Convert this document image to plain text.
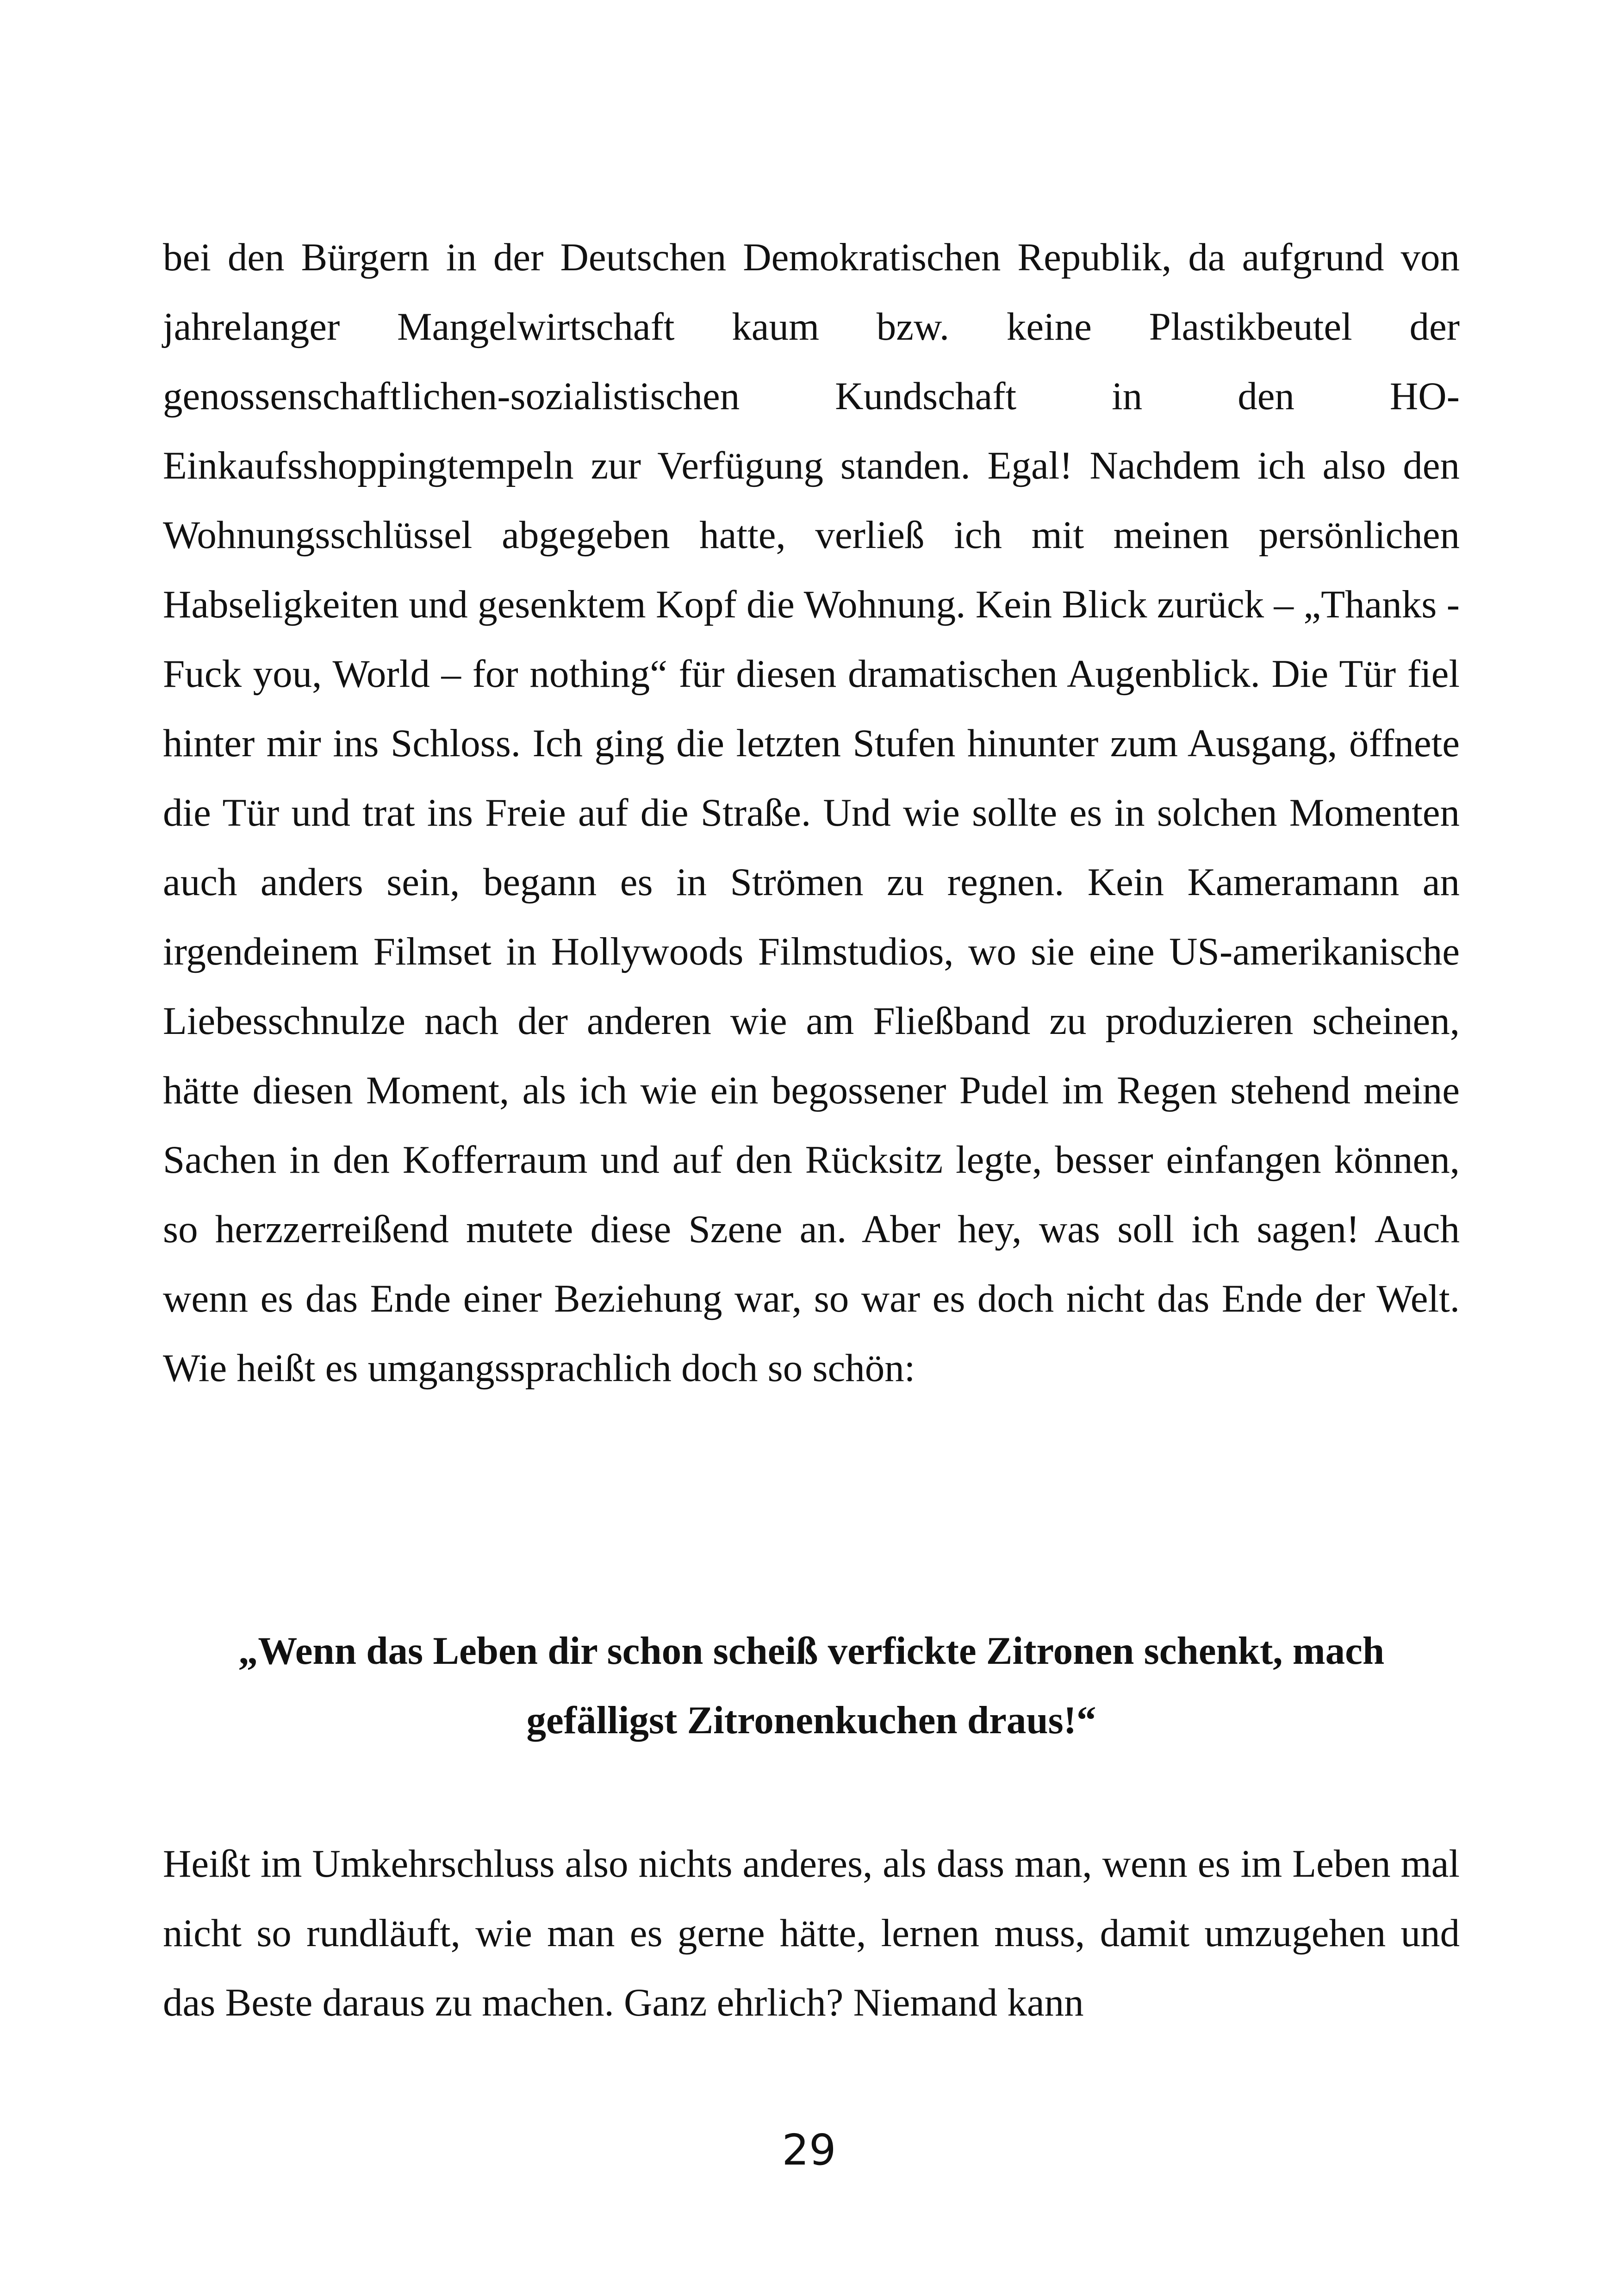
bei den Bürgern in der Deutschen Demokratischen Republik, da aufgrund von jahrelanger Mangelwirtschaft kaum bzw. keine Plastikbeutel der genossenschaftlichen-sozialistischen Kundschaft in den HO-Einkaufsshoppingtempeln zur Verfügung standen. Egal! Nachdem ich also den Wohnungsschlüssel abgegeben hatte, verließ ich mit meinen persönlichen Habseligkeiten und gesenktem Kopf die Wohnung. Kein Blick zurück – „Thanks - Fuck you, World – for nothing“ für diesen dramatischen Augenblick. Die Tür fiel hinter mir ins Schloss. Ich ging die letzten Stufen hinunter zum Ausgang, öffnete die Tür und trat ins Freie auf die Straße. Und wie sollte es in solchen Momenten auch anders sein, begann es in Strömen zu regnen. Kein Kameramann an irgendeinem Filmset in Hollywoods Filmstudios, wo sie eine US-amerikanische Liebesschnulze nach der anderen wie am Fließband zu produzieren scheinen, hätte diesen Moment, als ich wie ein begossener Pudel im Regen stehend meine Sachen in den Kofferraum und auf den Rücksitz legte, besser einfangen können, so herzzerreißend mutete diese Szene an. Aber hey, was soll ich sagen! Auch wenn es das Ende einer Beziehung war, so war es doch nicht das Ende der Welt. Wie heißt es umgangssprachlich doch so schön:

„Wenn das Leben dir schon scheiß verfickte Zitronen schenkt, mach gefälligst Zitronenkuchen draus!“

Heißt im Umkehrschluss also nichts anderes, als dass man, wenn es im Leben mal nicht so rundläuft, wie man es gerne hätte, lernen muss, damit umzugehen und das Beste daraus zu machen. Ganz ehrlich? Niemand kann

29
